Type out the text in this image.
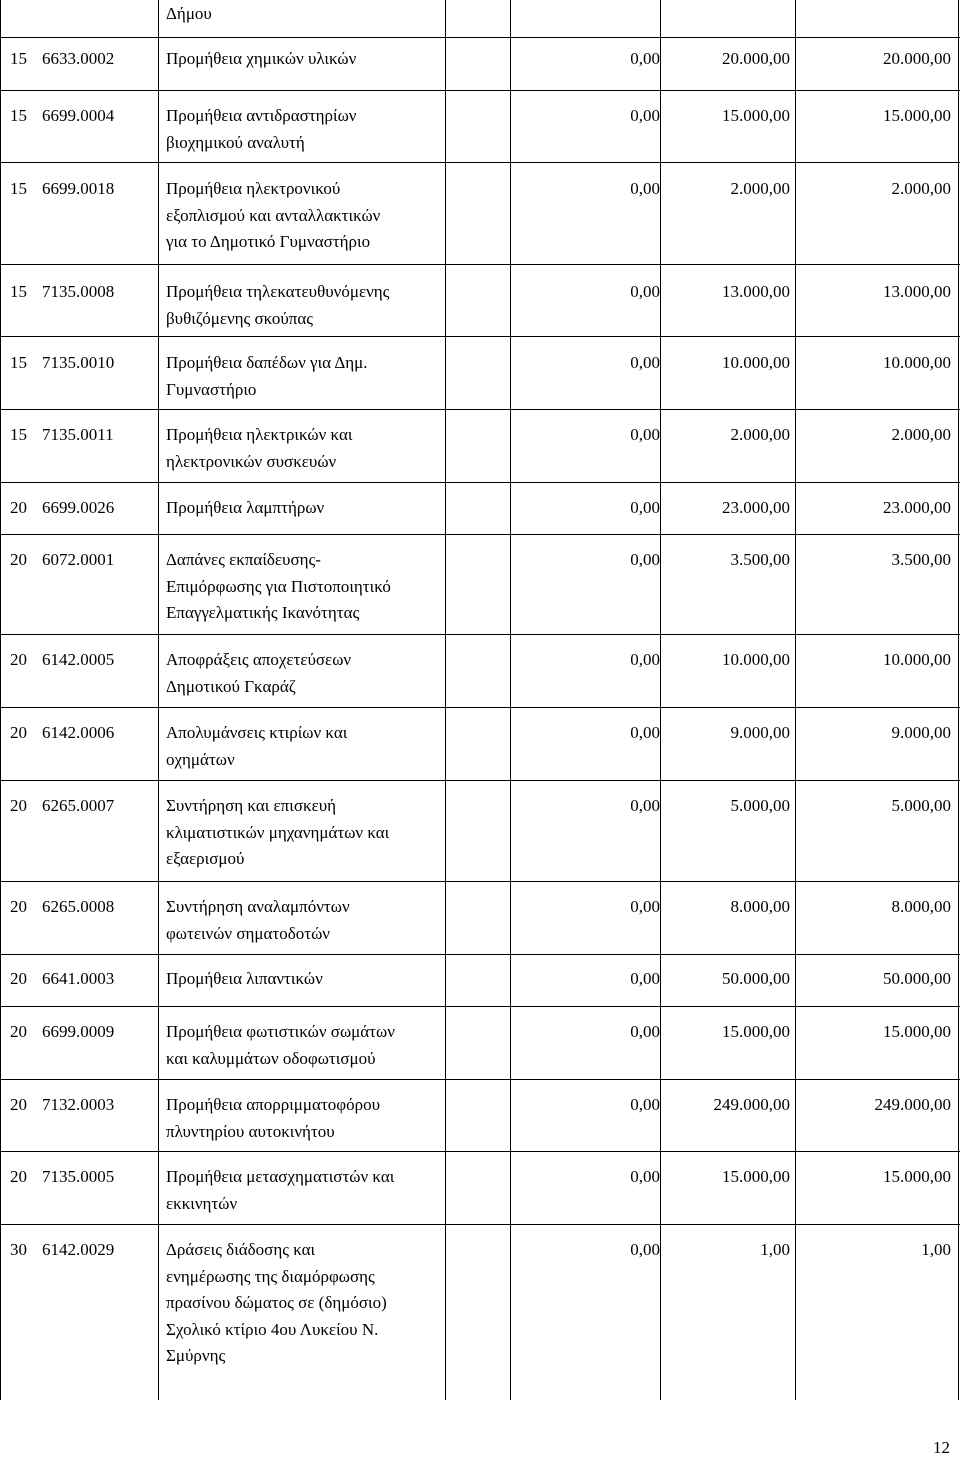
Δήμου
15 6633.0002	Προμήθεια χημικών υλικών	0,00	20.000,00	20.000,00
15 6699.0004	Προμήθεια αντιδραστηρίων
βιοχημικού αναλυτή
0,00	15.000,00	15.000,00
15 6699.0018	Προμήθεια ηλεκτρονικού
εξοπλισμού και ανταλλακτικών
για το Δημοτικό Γυμναστήριο
0,00	2.000,00	2.000,00
15 7135.0008	Προμήθεια τηλεκατευθυνόμενης
βυθιζόμενης σκούπας
0,00	13.000,00	13.000,00
15 7135.0010	Προμήθεια δαπέδων για Δημ.
Γυμναστήριο
0,00	10.000,00	10.000,00
15 7135.0011	Προμήθεια ηλεκτρικών και
ηλεκτρονικών συσκευών
0,00	2.000,00	2.000,00
20 6699.0026	Προμήθεια λαμπτήρων	0,00	23.000,00	23.000,00
20 6072.0001	Δαπάνες εκπαίδευσης-
Επιμόρφωσης για Πιστοποιητικό
Επαγγελματικής Ικανότητας
0,00	3.500,00	3.500,00
20 6142.0005	Αποφράξεις αποχετεύσεων
Δημοτικού Γκαράζ
0,00	10.000,00	10.000,00
20 6142.0006	Απολυμάνσεις κτιρίων και
οχημάτων
0,00	9.000,00	9.000,00
20 6265.0007	Συντήρηση και επισκευή
κλιματιστικών μηχανημάτων και
εξαερισμού
0,00	5.000,00	5.000,00
20 6265.0008	Συντήρηση αναλαμπόντων
φωτεινών σηματοδοτών
0,00	8.000,00	8.000,00
20 6641.0003	Προμήθεια λιπαντικών	0,00	50.000,00	50.000,00
20 6699.0009	Προμήθεια φωτιστικών σωμάτων
και καλυμμάτων οδοφωτισμού
0,00	15.000,00	15.000,00
20 7132.0003	Προμήθεια απορριμματοφόρου
πλυντηρίου αυτοκινήτου
0,00	249.000,00	249.000,00
20 7135.0005	Προμήθεια μετασχηματιστών και
εκκινητών
0,00	15.000,00	15.000,00
30 6142.0029	Δράσεις διάδοσης και
ενημέρωσης της διαμόρφωσης
πρασίνου δώματος σε (δημόσιο)
Σχολικό κτίριο 4ου Λυκείου Ν.
Σμύρνης
0,00	1,00	1,00
12
